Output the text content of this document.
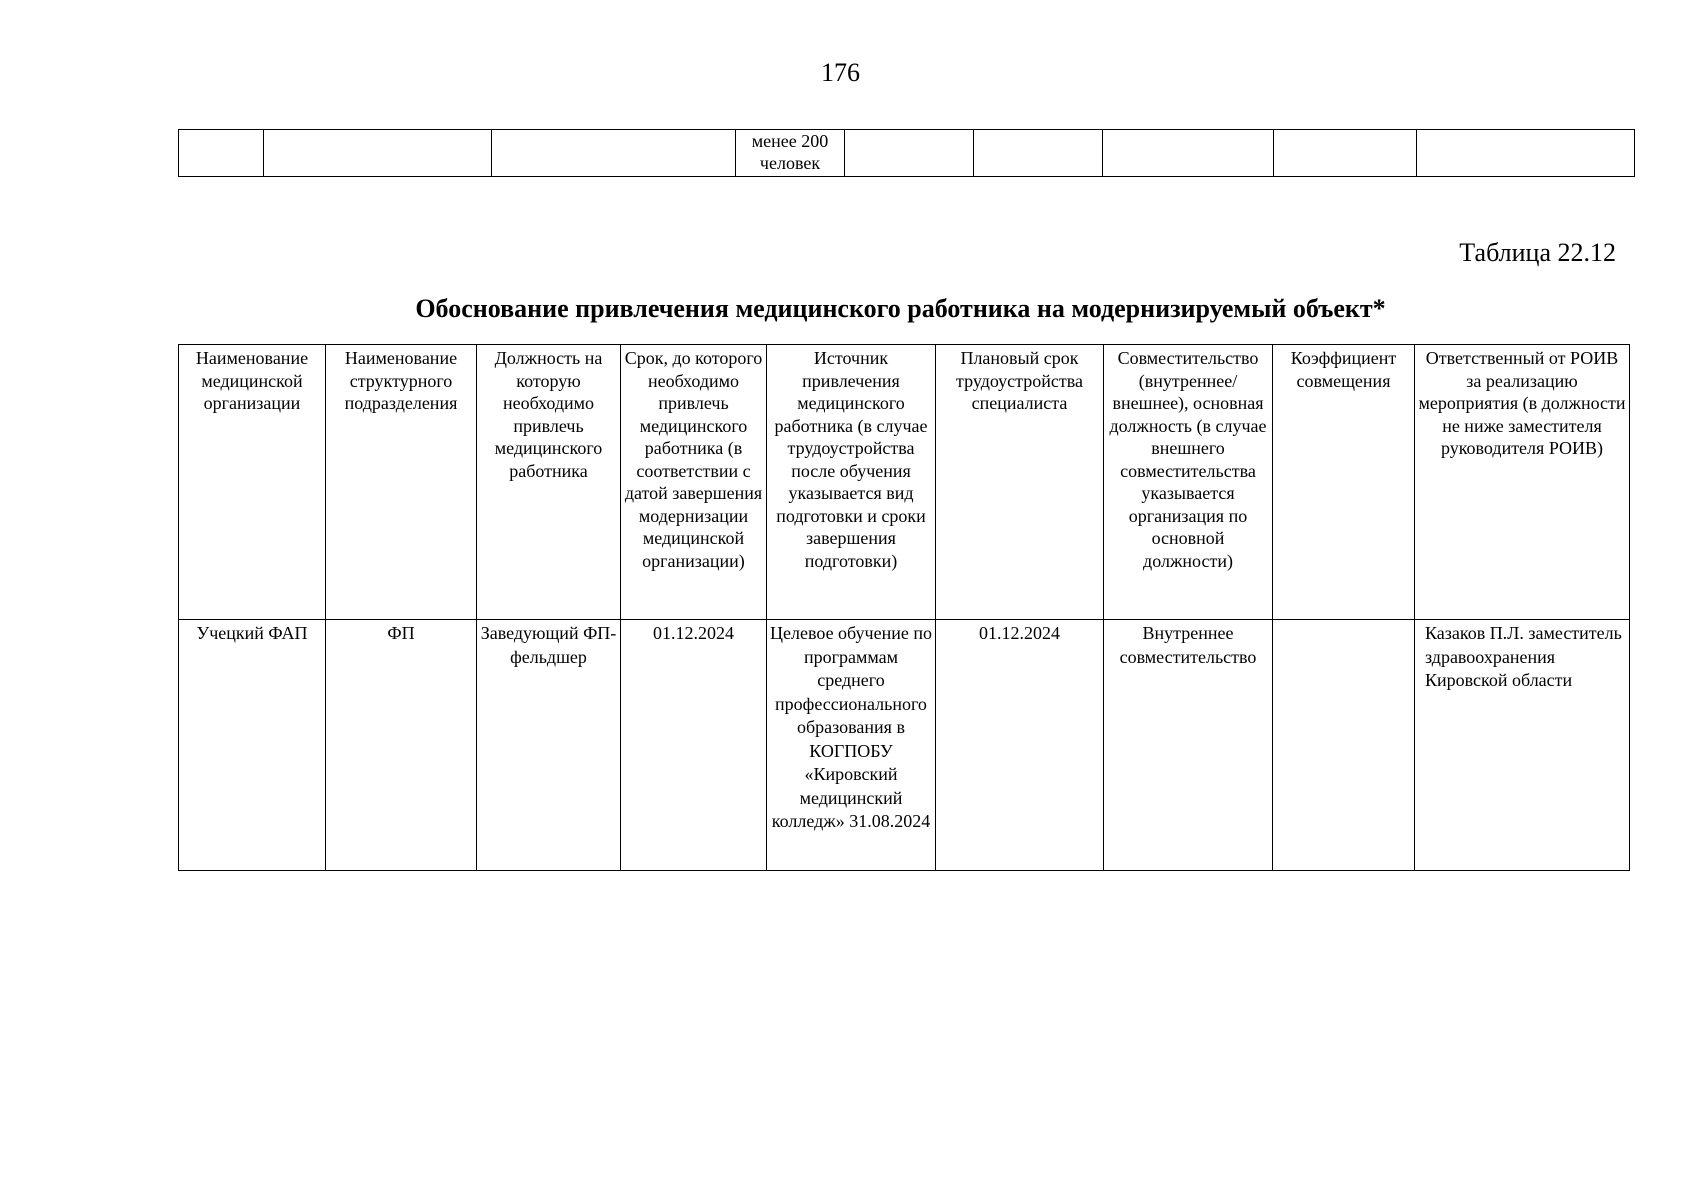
176
			менее 200 человек					
Таблица 22.12
Обоснование привлечения медицинского работника на модернизируемый объект*
Наименование медицинской организации	Наименование структурного подразделения	Должность на которую необходимо привлечь медицинского работника	Срок, до которого необходимо привлечь медицинского работника (в соответствии с датой завершения модернизации медицинской организации)	Источник привлечения медицинского работника (в случае трудоустройства после обучения указывается вид подготовки и сроки завершения подготовки)	Плановый срок трудоустройства специалиста	Совместительство (внутреннее/внешнее), основная должность (в случае внешнего совместительства указывается организация по основной должности)	Коэффициент совмещения	Ответственный от РОИВ за реализацию мероприятия (в должности не ниже заместителя руководителя РОИВ)
Учецкий ФАП	ФП	Заведующий ФП-фельдшер	01.12.2024	Целевое обучение по программам среднего профессионального образования в КОГПОБУ «Кировский медицинский колледж» 31.08.2024	01.12.2024	Внутреннее совместительство		Казаков П.Л. заместитель здравоохранения Кировской области
